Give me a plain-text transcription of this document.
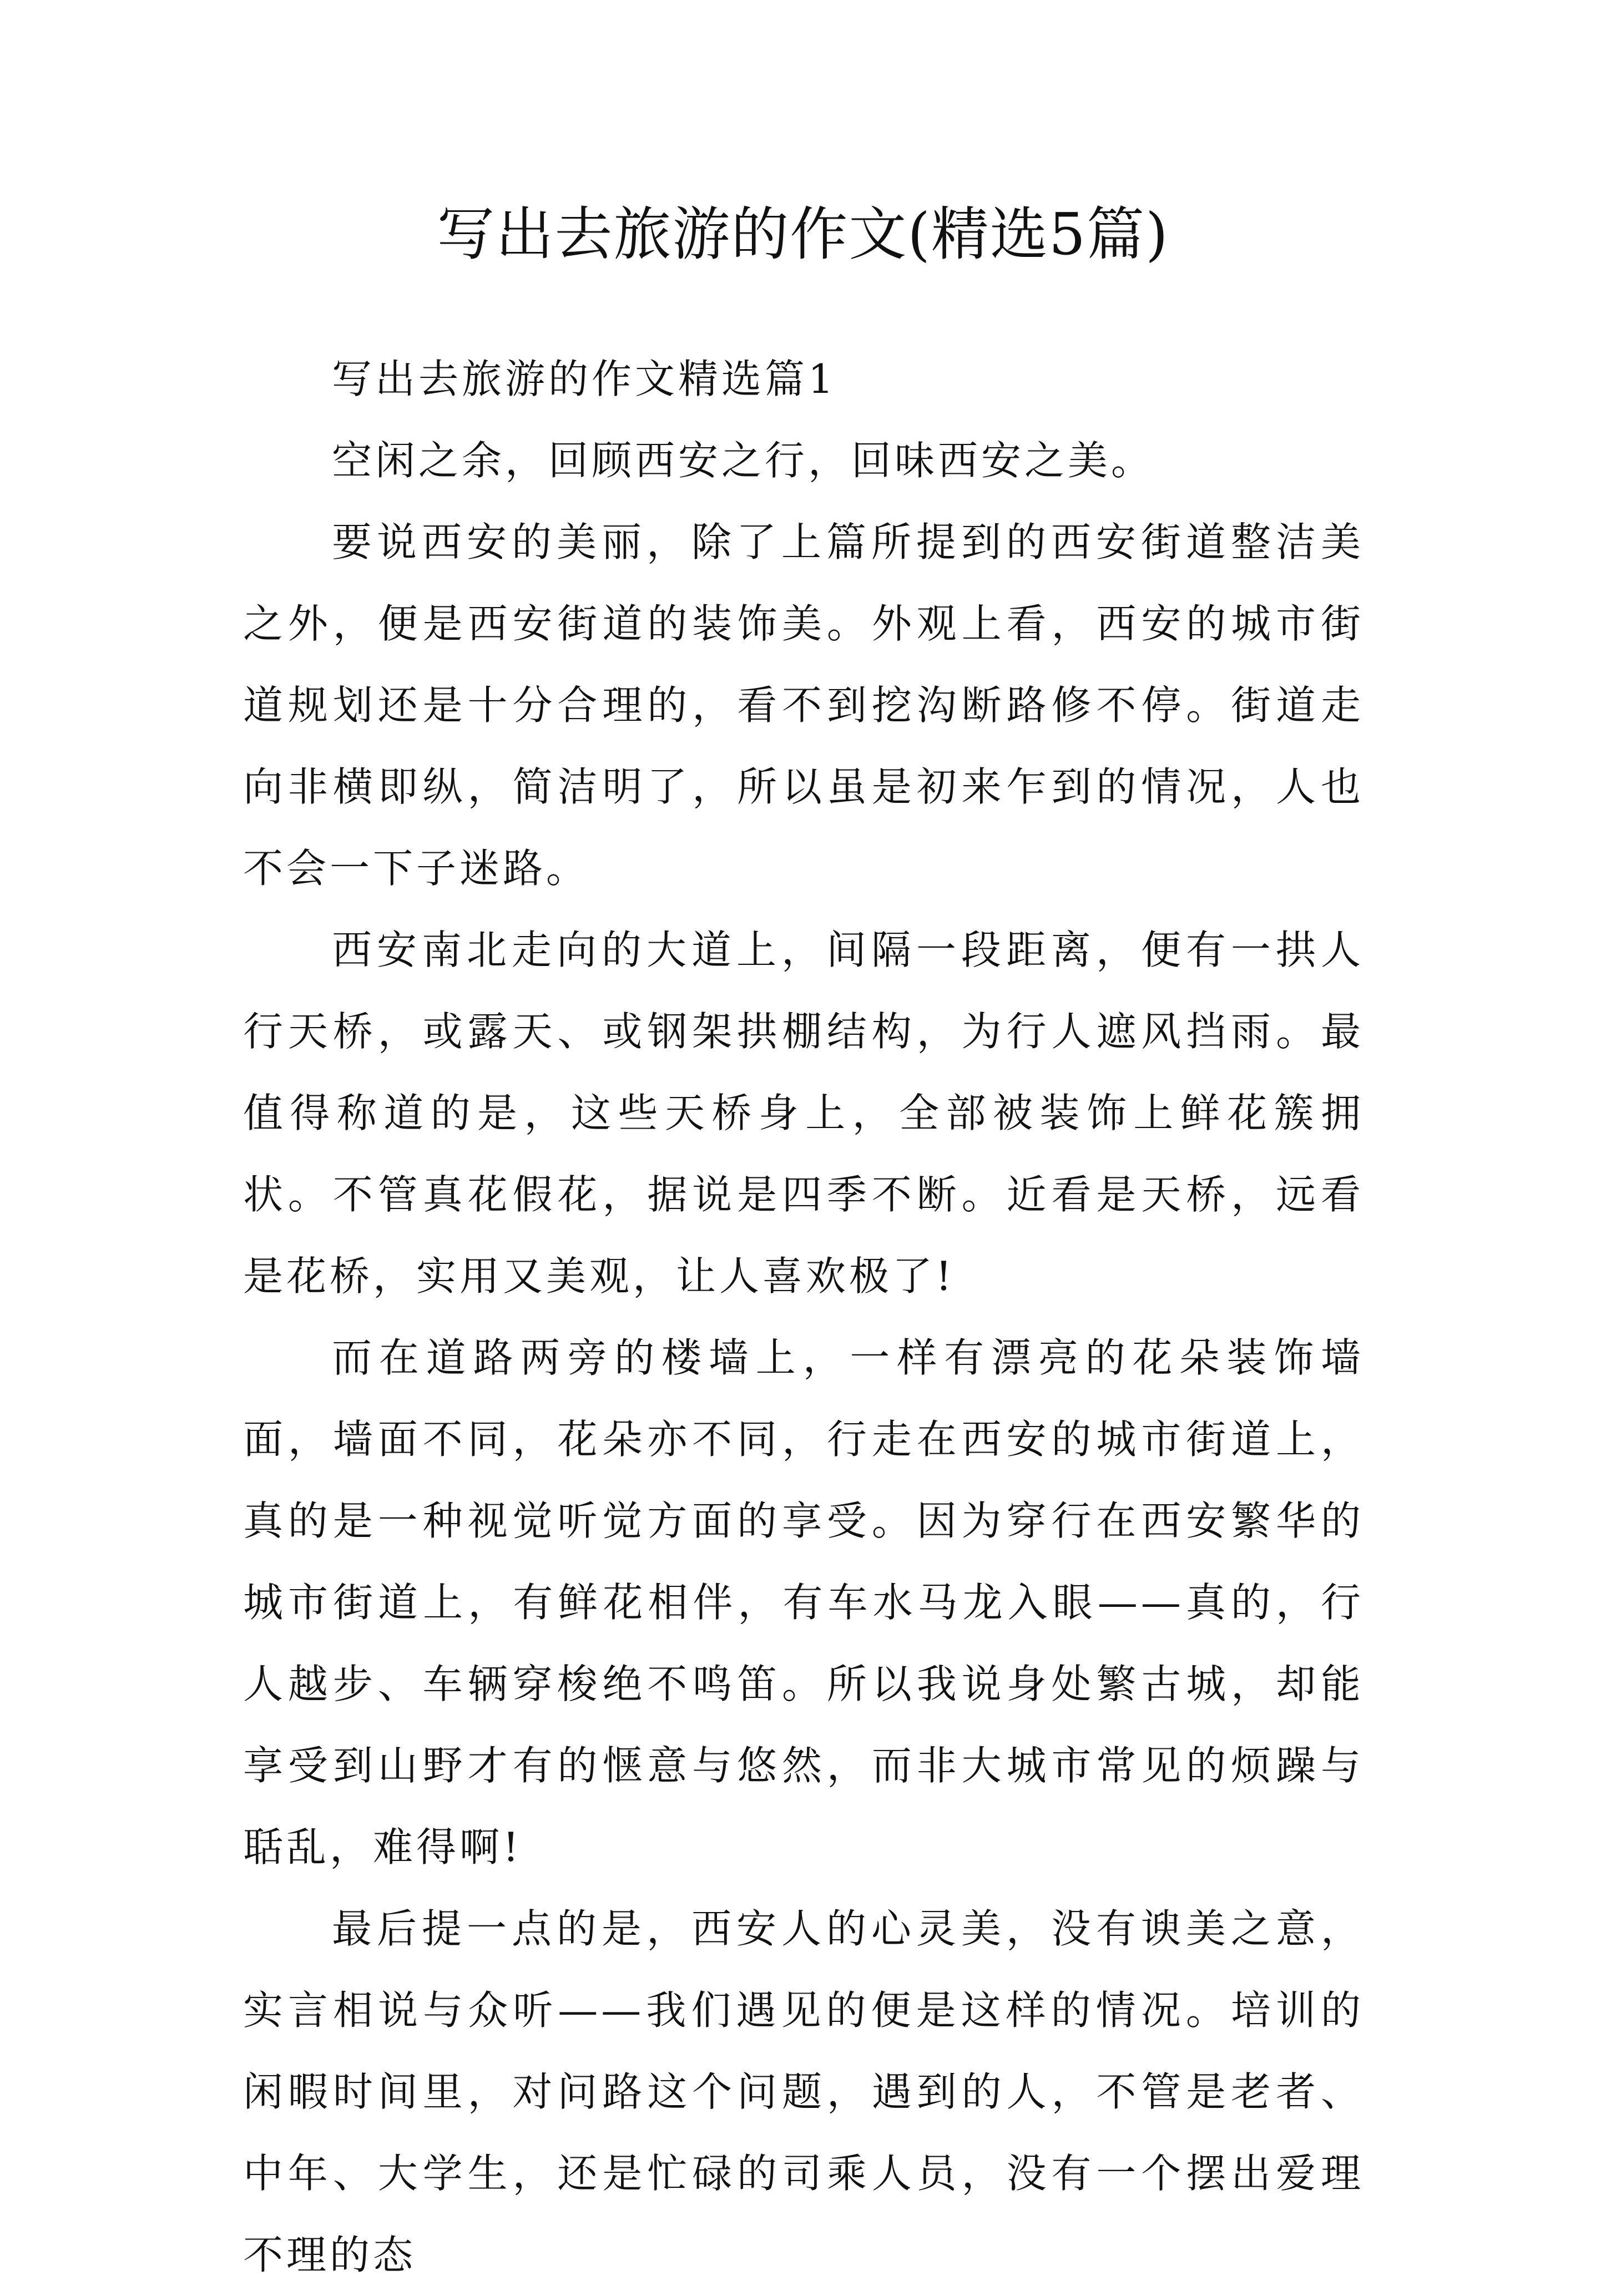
写出去旅游的作文(精选5篇)

写出去旅游的作文精选篇1

空闲之余，回顾西安之行，回味西安之美。

要说西安的美丽，除了上篇所提到的西安街道整洁美之外，便是西安街道的装饰美。外观上看，西安的城市街道规划还是十分合理的，看不到挖沟断路修不停。街道走向非横即纵，简洁明了，所以虽是初来乍到的情况，人也不会一下子迷路。

西安南北走向的大道上，间隔一段距离，便有一拱人行天桥，或露天、或钢架拱棚结构，为行人遮风挡雨。最值得称道的是，这些天桥身上，全部被装饰上鲜花簇拥状。不管真花假花，据说是四季不断。近看是天桥，远看是花桥，实用又美观，让人喜欢极了!

而在道路两旁的楼墙上，一样有漂亮的花朵装饰墙面，墙面不同，花朵亦不同，行走在西安的城市街道上，真的是一种视觉听觉方面的享受。因为穿行在西安繁华的城市街道上，有鲜花相伴，有车水马龙入眼——真的，行人越步、车辆穿梭绝不鸣笛。所以我说身处繁古城，却能享受到山野才有的惬意与悠然，而非大城市常见的烦躁与聒乱，难得啊!

最后提一点的是，西安人的心灵美，没有谀美之意，实言相说与众听——我们遇见的便是这样的情况。培训的闲暇时间里，对问路这个问题，遇到的人，不管是老者、中年、大学生，还是忙碌的司乘人员，没有一个摆出爱理不理的态
